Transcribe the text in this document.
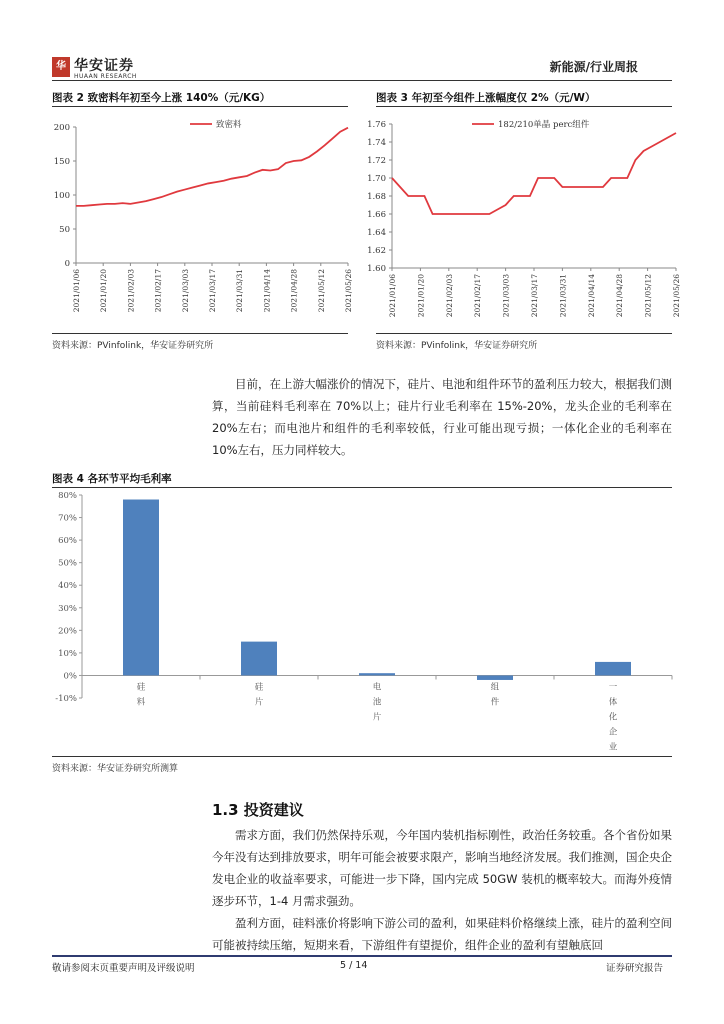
华 华安证券
HUAAN RESEARCH
新能源/行业周报
图表 2 致密料年初至今上涨 140%（元/KG）
0
50
100
150
200
2021/01/06 2021/01/20 2021/02/03 2021/02/17 2021/03/03 2021/03/17 2021/03/31 2021/04/14 2021/04/28 2021/05/12 2021/05/26
致密料
资料来源：PVinfolink，华安证券研究所
图表 3 年初至今组件上涨幅度仅 2%（元/W）
1.60
1.62
1.64
1.66
1.68
1.70
1.72
1.74
1.76
2021/01/06	2021/01/20	2021/02/03	2021/02/17	2021/03/03	2021/03/17	2021/03/31	2021/04/14	2021/04/28	2021/05/12	2021/05/26
182/210单晶 perc组件
资料来源：PVinfolink，华安证券研究所
目前，在上游大幅涨价的情况下，硅片、电池和组件环节的盈利压力较大，根据我们测算，当前硅料毛利率在 70%以上；硅片行业毛利率在 15%-20%，龙头企业的毛利率在 20%左右；而电池片和组件的毛利率较低，行业可能出现亏损；一体化企业的毛利率在 10%左右，压力同样较大。
图表 4 各环节平均毛利率
-10%
0%
10%
20%
30%
40%
50%
60%
70%
80%
硅料
硅片
电池片
组件
一体化企业
资料来源：华安证券研究所测算
1.3 投资建议
需求方面，我们仍然保持乐观，今年国内装机指标刚性，政治任务较重。各个省份如果今年没有达到排放要求，明年可能会被要求限产，影响当地经济发展。我们推测，国企央企发电企业的收益率要求，可能进一步下降，国内完成 50GW 装机的概率较大。而海外疫情逐步环节，1-4 月需求强劲。
盈利方面，硅料涨价将影响下游公司的盈利，如果硅料价格继续上涨，硅片的盈利空间可能被持续压缩，短期来看，下游组件有望提价，组件企业的盈利有望触底回
敬请参阅末页重要声明及评级说明	5 / 14	证券研究报告
